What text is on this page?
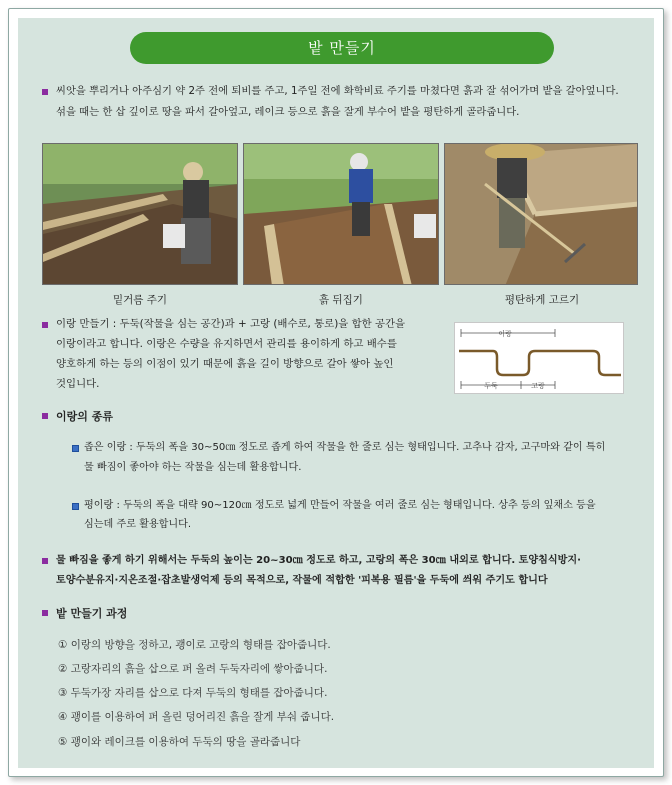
밭 만들기
씨앗을 뿌리거나 아주심기 약 2주 전에 퇴비를 주고, 1주일 전에 화학비료 주기를 마쳤다면 흙과 잘 섞어가며 밭을 갈아엎니다.
섞을 때는 한 삽 깊이로 땅을 파서 갈아엎고, 레이크 등으로 흙을 잘게 부수어 밭을 평탄하게 골라줍니다.
밑거름 주기	흙 뒤집기	평탄하게 고르기
이랑 만들기 : 두둑(작물을 심는 공간)과 + 고랑 (배수로, 통로)을 합한 공간을
이랑이라고 합니다. 이랑은 수량을 유지하면서 관리를 용이하게 하고 배수를
양호하게 하는 등의 이점이 있기 때문에 흙을 길이 방향으로 갈아 쌓아 높인
것입니다.
이랑
두둑	고랑
이랑의 종류
좁은 이랑 : 두둑의 폭을 30~50㎝ 정도로 좁게 하여 작물을 한 줄로 심는 형태입니다. 고추나 감자, 고구마와 같이 특히
물 빠짐이 좋아야 하는 작물을 심는데 활용합니다.
평이랑 : 두둑의 폭을 대략 90~120㎝ 정도로 넓게 만들어 작물을 여러 줄로 심는 형태입니다. 상추 등의 잎채소 등을
심는데 주로 활용합니다.
물 빠짐을 좋게 하기 위해서는 두둑의 높이는 20~30㎝ 정도로 하고, 고랑의 폭은 30㎝ 내외로 합니다. 토양침식방지·
토양수분유지·지온조절·잡초발생억제 등의 목적으로, 작물에 적합한 '피복용 필름'을 두둑에 씌워 주기도 합니다
밭 만들기 과정
① 이랑의 방향을 정하고, 괭이로 고랑의 형태를 잡아줍니다.
② 고랑자리의 흙을 삽으로 퍼 올려 두둑자리에 쌓아줍니다.
③ 두둑가장 자리를 삽으로 다져 두둑의 형태를 잡아줍니다.
④ 괭이를 이용하여 퍼 올린 덩어리진 흙을 잘게 부숴 줍니다.
⑤ 괭이와 레이크를 이용하여 두둑의 땅을 골라줍니다
